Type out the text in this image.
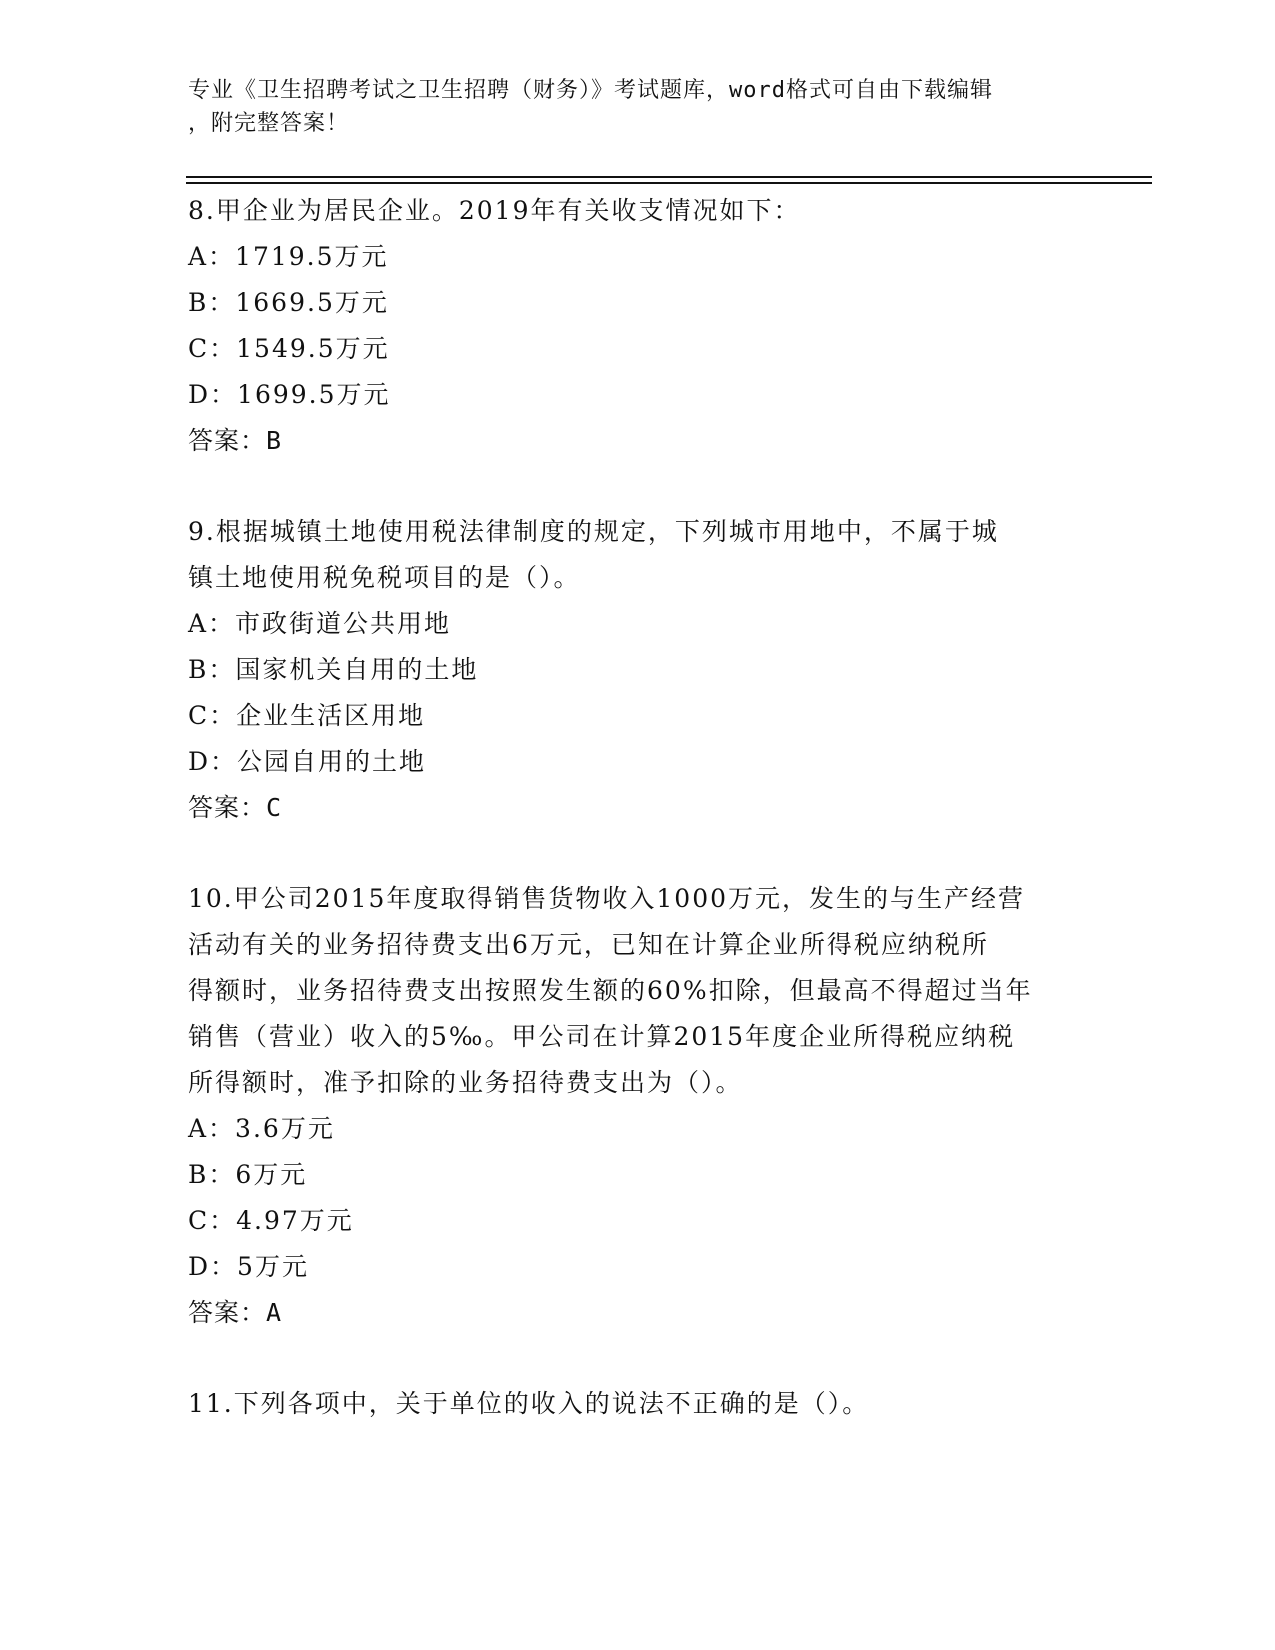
专业《卫生招聘考试之卫生招聘（财务）》考试题库，word格式可自由下载编辑
，附完整答案！

8.甲企业为居民企业。2019年有关收支情况如下：

A：1719.5万元

B：1669.5万元

C：1549.5万元

D：1699.5万元

答案：B

9.根据城镇土地使用税法律制度的规定，下列城市用地中，不属于城
镇土地使用税免税项目的是（）。

A：市政街道公共用地

B：国家机关自用的土地

C：企业生活区用地

D：公园自用的土地

答案：C

10.甲公司2015年度取得销售货物收入1000万元，发生的与生产经营
活动有关的业务招待费支出6万元，已知在计算企业所得税应纳税所
得额时，业务招待费支出按照发生额的60%扣除，但最高不得超过当年
销售（营业）收入的5‰。甲公司在计算2015年度企业所得税应纳税
所得额时，准予扣除的业务招待费支出为（）。

A：3.6万元

B：6万元

C：4.97万元

D：5万元

答案：A

11.下列各项中，关于单位的收入的说法不正确的是（）。
